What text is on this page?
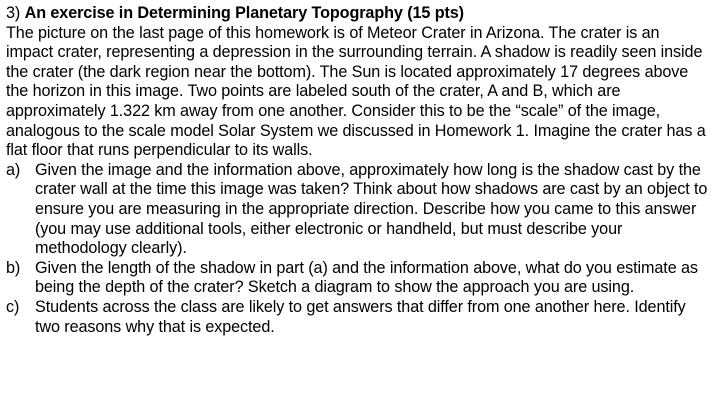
3) An exercise in Determining Planetary Topography (15 pts)

The picture on the last page of this homework is of Meteor Crater in Arizona. The crater is an impact crater, representing a depression in the surrounding terrain. A shadow is readily seen inside the crater (the dark region near the bottom). The Sun is located approximately 17 degrees above the horizon in this image. Two points are labeled south of the crater, A and B, which are approximately 1.322 km away from one another. Consider this to be the “scale” of the image, analogous to the scale model Solar System we discussed in Homework 1. Imagine the crater has a flat floor that runs perpendicular to its walls.

a) Given the image and the information above, approximately how long is the shadow cast by the crater wall at the time this image was taken? Think about how shadows are cast by an object to ensure you are measuring in the appropriate direction. Describe how you came to this answer (you may use additional tools, either electronic or handheld, but must describe your methodology clearly).

b) Given the length of the shadow in part (a) and the information above, what do you estimate as being the depth of the crater? Sketch a diagram to show the approach you are using.

c) Students across the class are likely to get answers that differ from one another here. Identify two reasons why that is expected.
